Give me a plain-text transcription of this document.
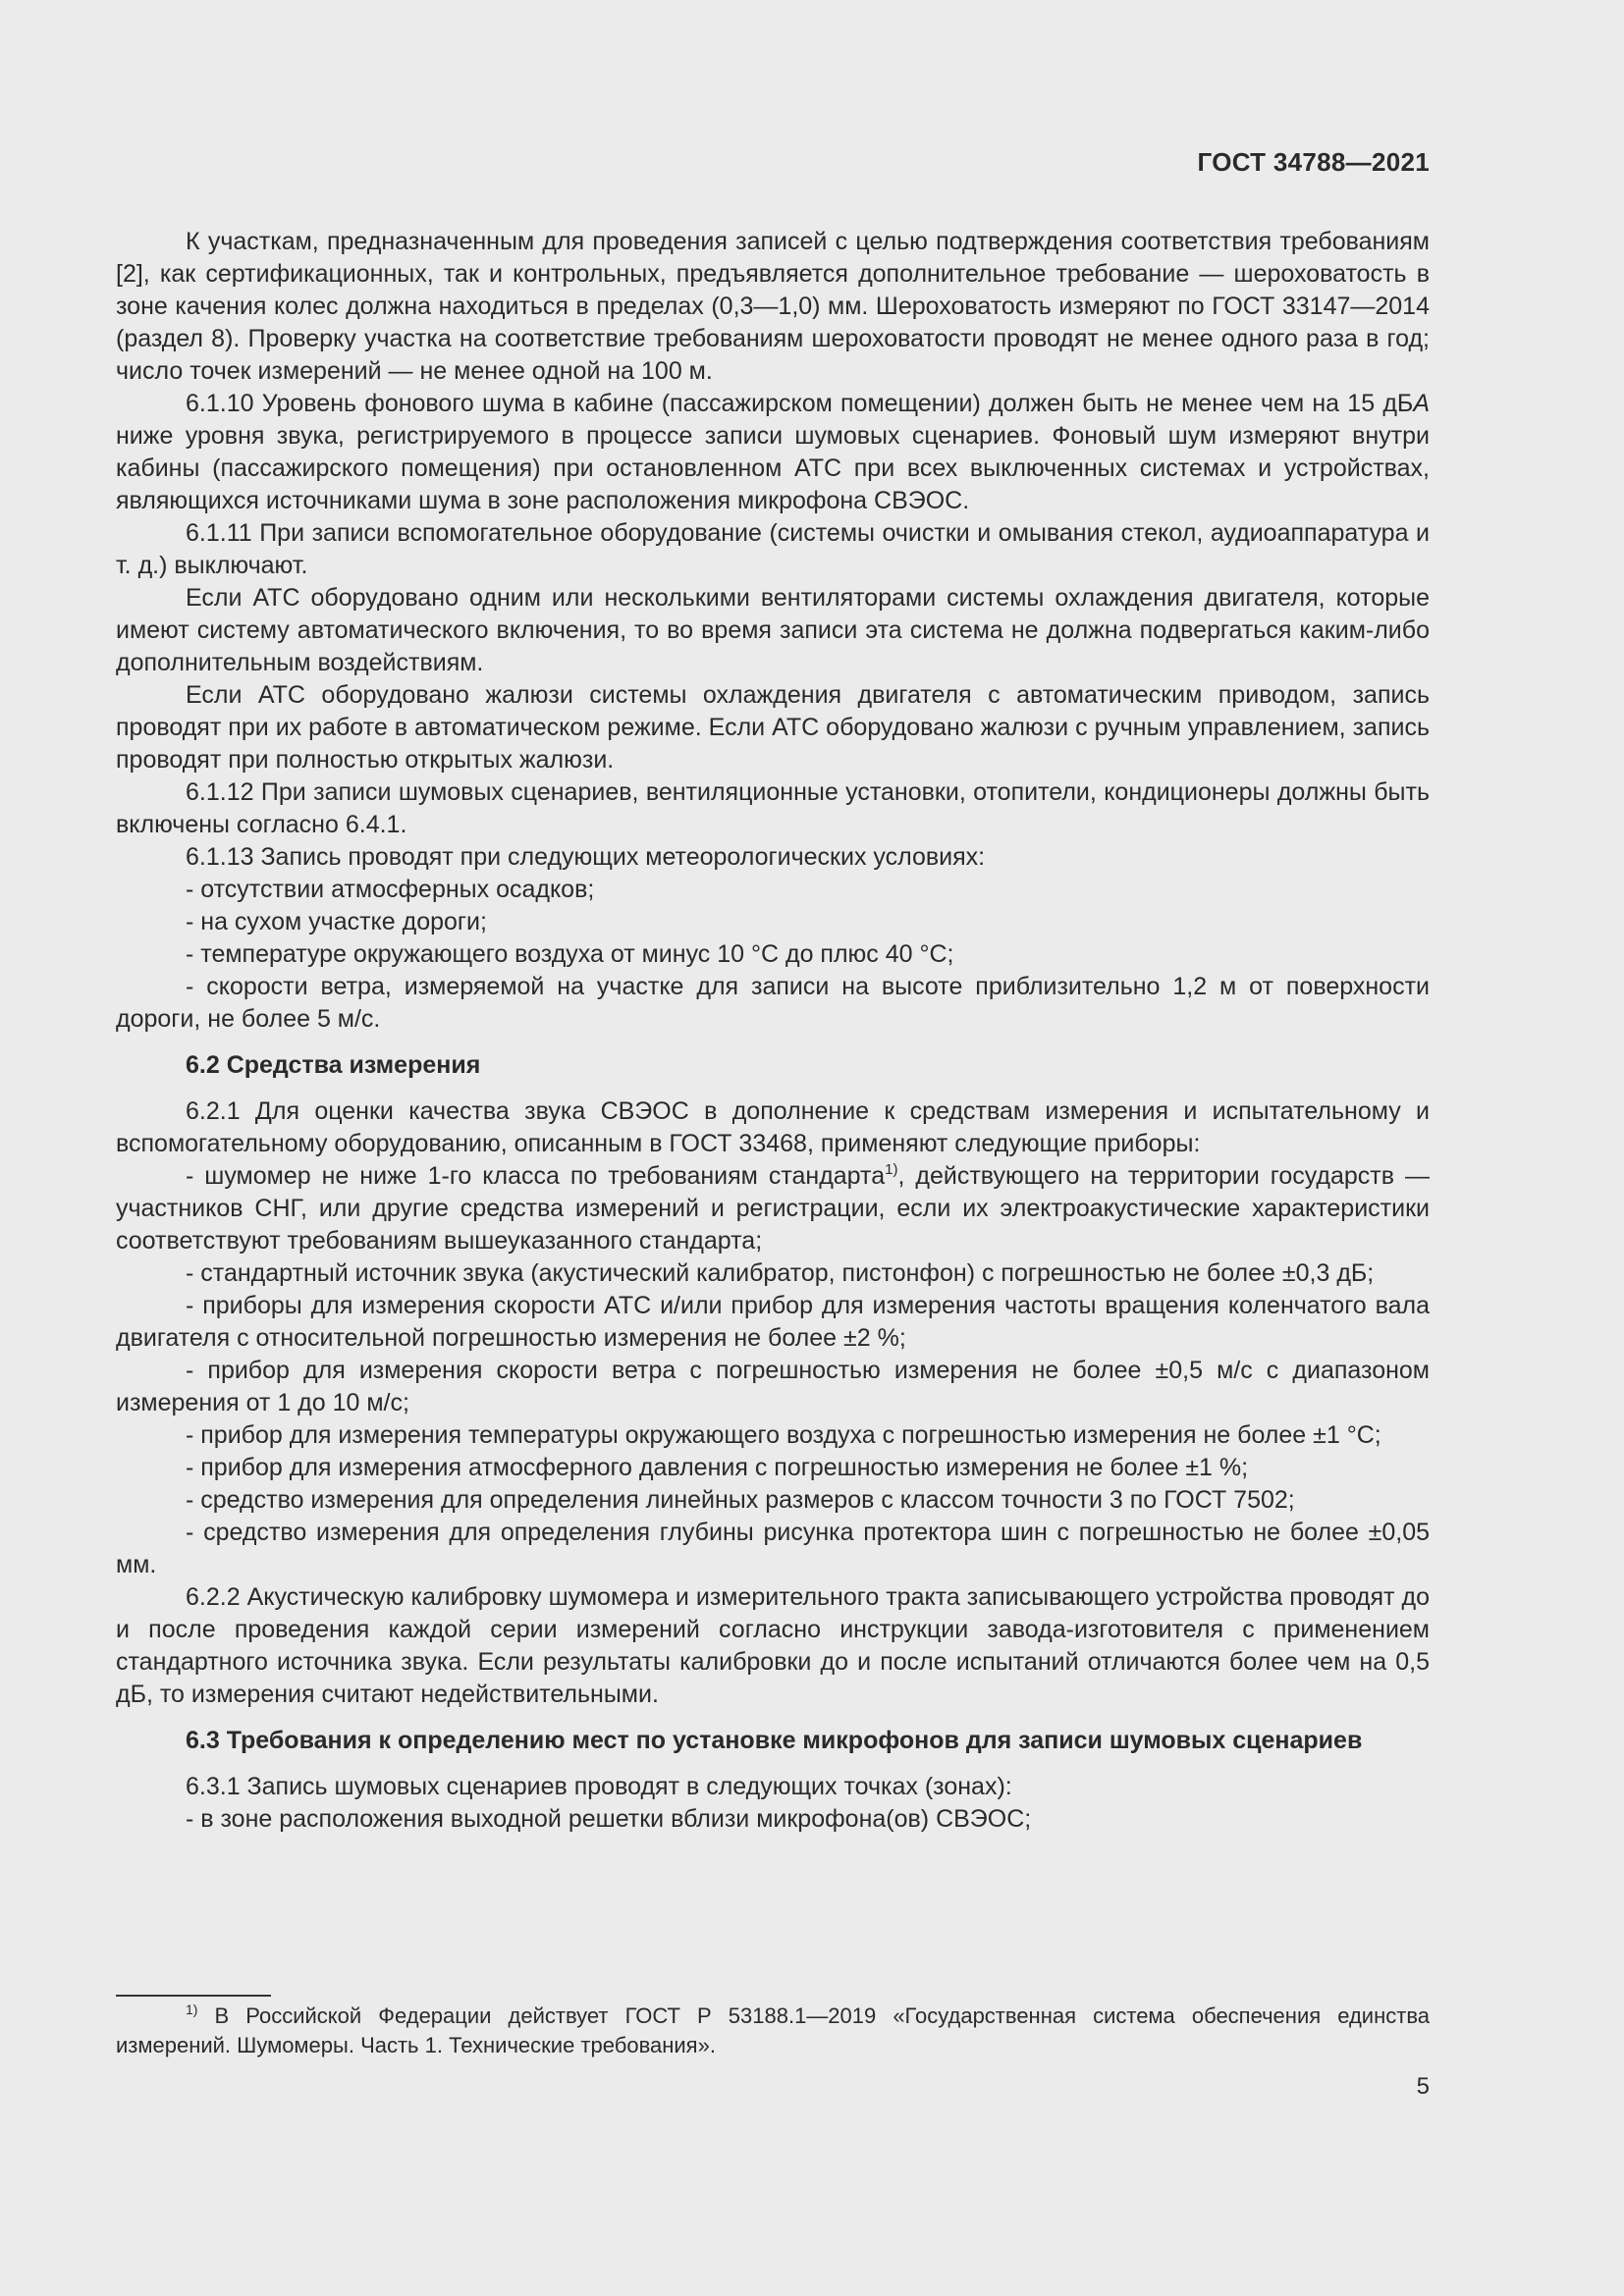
ГОСТ 34788—2021

К участкам, предназначенным для проведения записей с целью подтверждения соответствия требованиям [2], как сертификационных, так и контрольных, предъявляется дополнительное требование — шероховатость в зоне качения колес должна находиться в пределах (0,3—1,0) мм. Шероховатость измеряют по ГОСТ 33147—2014 (раздел 8). Проверку участка на соответствие требованиям шероховатости проводят не менее одного раза в год; число точек измерений — не менее одной на 100 м.

6.1.10 Уровень фонового шума в кабине (пассажирском помещении) должен быть не менее чем на 15 дБА ниже уровня звука, регистрируемого в процессе записи шумовых сценариев. Фоновый шум измеряют внутри кабины (пассажирского помещения) при остановленном АТС при всех выключенных системах и устройствах, являющихся источниками шума в зоне расположения микрофона СВЭОС.

6.1.11 При записи вспомогательное оборудование (системы очистки и омывания стекол, аудиоаппаратура и т. д.) выключают.

Если АТС оборудовано одним или несколькими вентиляторами системы охлаждения двигателя, которые имеют систему автоматического включения, то во время записи эта система не должна подвергаться каким-либо дополнительным воздействиям.

Если АТС оборудовано жалюзи системы охлаждения двигателя с автоматическим приводом, запись проводят при их работе в автоматическом режиме. Если АТС оборудовано жалюзи с ручным управлением, запись проводят при полностью открытых жалюзи.

6.1.12 При записи шумовых сценариев, вентиляционные установки, отопители, кондиционеры должны быть включены согласно 6.4.1.

6.1.13 Запись проводят при следующих метеорологических условиях:

- отсутствии атмосферных осадков;

- на сухом участке дороги;

- температуре окружающего воздуха от минус 10 °С до плюс 40 °С;

- скорости ветра, измеряемой на участке для записи на высоте приблизительно 1,2 м от поверхности дороги, не более 5 м/с.

6.2 Средства измерения

6.2.1 Для оценки качества звука СВЭОС в дополнение к средствам измерения и испытательному и вспомогательному оборудованию, описанным в ГОСТ 33468, применяют следующие приборы:

- шумомер не ниже 1-го класса по требованиям стандарта$^{1)}$, действующего на территории государств — участников СНГ, или другие средства измерений и регистрации, если их электроакустические характеристики соответствуют требованиям вышеуказанного стандарта;

- стандартный источник звука (акустический калибратор, пистонфон) с погрешностью не более ±0,3 дБ;

- приборы для измерения скорости АТС и/или прибор для измерения частоты вращения коленчатого вала двигателя с относительной погрешностью измерения не более ±2 %;

- прибор для измерения скорости ветра с погрешностью измерения не более ±0,5 м/с с диапазоном измерения от 1 до 10 м/с;

- прибор для измерения температуры окружающего воздуха с погрешностью измерения не более ±1 °С;

- прибор для измерения атмосферного давления с погрешностью измерения не более ±1 %;

- средство измерения для определения линейных размеров с классом точности 3 по ГОСТ 7502;

- средство измерения для определения глубины рисунка протектора шин с погрешностью не более ±0,05 мм.

6.2.2 Акустическую калибровку шумомера и измерительного тракта записывающего устройства проводят до и после проведения каждой серии измерений согласно инструкции завода-изготовителя с применением стандартного источника звука. Если результаты калибровки до и после испытаний отличаются более чем на 0,5 дБ, то измерения считают недействительными.

6.3 Требования к определению мест по установке микрофонов для записи шумовых сценариев

6.3.1 Запись шумовых сценариев проводят в следующих точках (зонах):

- в зоне расположения выходной решетки вблизи микрофона(ов) СВЭОС;

$^{1)}$ В Российской Федерации действует ГОСТ Р 53188.1—2019 «Государственная система обеспечения единства измерений. Шумомеры. Часть 1. Технические требования».

5
